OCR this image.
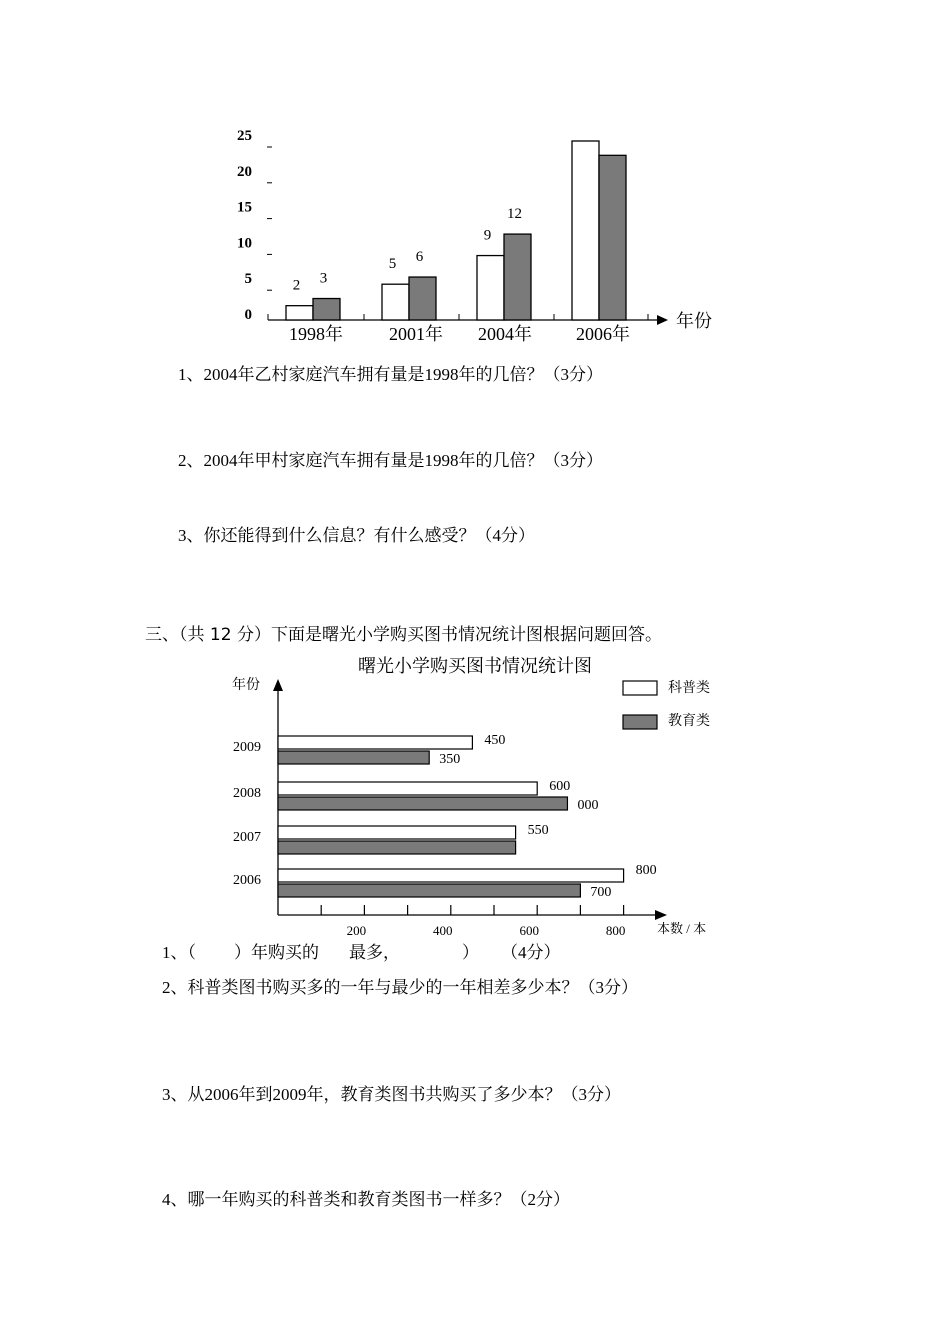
0
5
10
15
20
25
2
5
9
3
6
12
1998年	2001年 2004年 2006年
年份
1、2004年乙村家庭汽车拥有量是1998年的几倍？（3分）
2、2004年甲村家庭汽车拥有量是1998年的几倍？（3分）
3、你还能得到什么信息？有什么感受？（4分）
三、（共 12 分）下面是曙光小学购买图书情况统计图根据问题回答。
曙光小学购买图书情况统计图
年份
200	400	600	800 本数 / 本
2009
2008
2007
2006
450
600
550
800
350
000
700
科普类
教育类
1、（ ）年购买的 最多，	） （4分）
2、科普类图书购买多的一年与最少的一年相差多少本？（3分）
3、从2006年到2009年，教育类图书共购买了多少本？（3分）
4、哪一年购买的科普类和教育类图书一样多？（2分）
